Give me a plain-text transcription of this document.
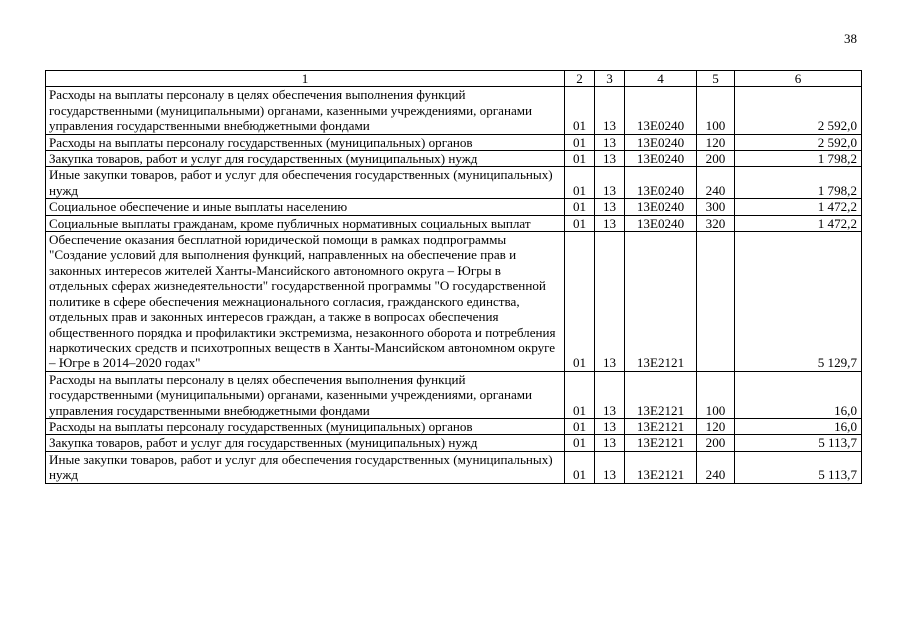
38
1	2	3	4	5	6
Расходы на выплаты персоналу в целях обеспечения выполнения функций государственными (муниципальными) органами, казенными учреждениями, органами управления государственными внебюджетными фондами	01	13	13Е0240	100	2 592,0
Расходы на выплаты персоналу государственных (муниципальных) органов	01	13	13Е0240	120	2 592,0
Закупка товаров, работ и услуг для государственных (муниципальных) нужд	01	13	13Е0240	200	1 798,2
Иные закупки товаров, работ и услуг для обеспечения государственных (муниципальных) нужд	01	13	13Е0240	240	1 798,2
Социальное обеспечение и иные выплаты населению	01	13	13Е0240	300	1 472,2
Социальные выплаты гражданам, кроме публичных нормативных социальных выплат	01	13	13Е0240	320	1 472,2
Обеспечение оказания бесплатной юридической помощи в рамках подпрограммы "Создание условий для выполнения функций, направленных на обеспечение прав и законных интересов жителей Ханты-Мансийского автономного округа – Югры в отдельных сферах жизнедеятельности" государственной программы "О государственной политике в сфере обеспечения межнационального согласия, гражданского единства, отдельных прав и законных интересов граждан, а также в вопросах обеспечения общественного порядка и профилактики экстремизма, незаконного оборота и потребления наркотических средств и психотропных веществ в Ханты-Мансийском автономном округе – Югре в 2014–2020 годах"	01	13	13Е2121		5 129,7
Расходы на выплаты персоналу в целях обеспечения выполнения функций государственными (муниципальными) органами, казенными учреждениями, органами управления государственными внебюджетными фондами	01	13	13Е2121	100	16,0
Расходы на выплаты персоналу государственных (муниципальных) органов	01	13	13Е2121	120	16,0
Закупка товаров, работ и услуг для государственных (муниципальных) нужд	01	13	13Е2121	200	5 113,7
Иные закупки товаров, работ и услуг для обеспечения государственных (муниципальных) нужд	01	13	13Е2121	240	5 113,7
